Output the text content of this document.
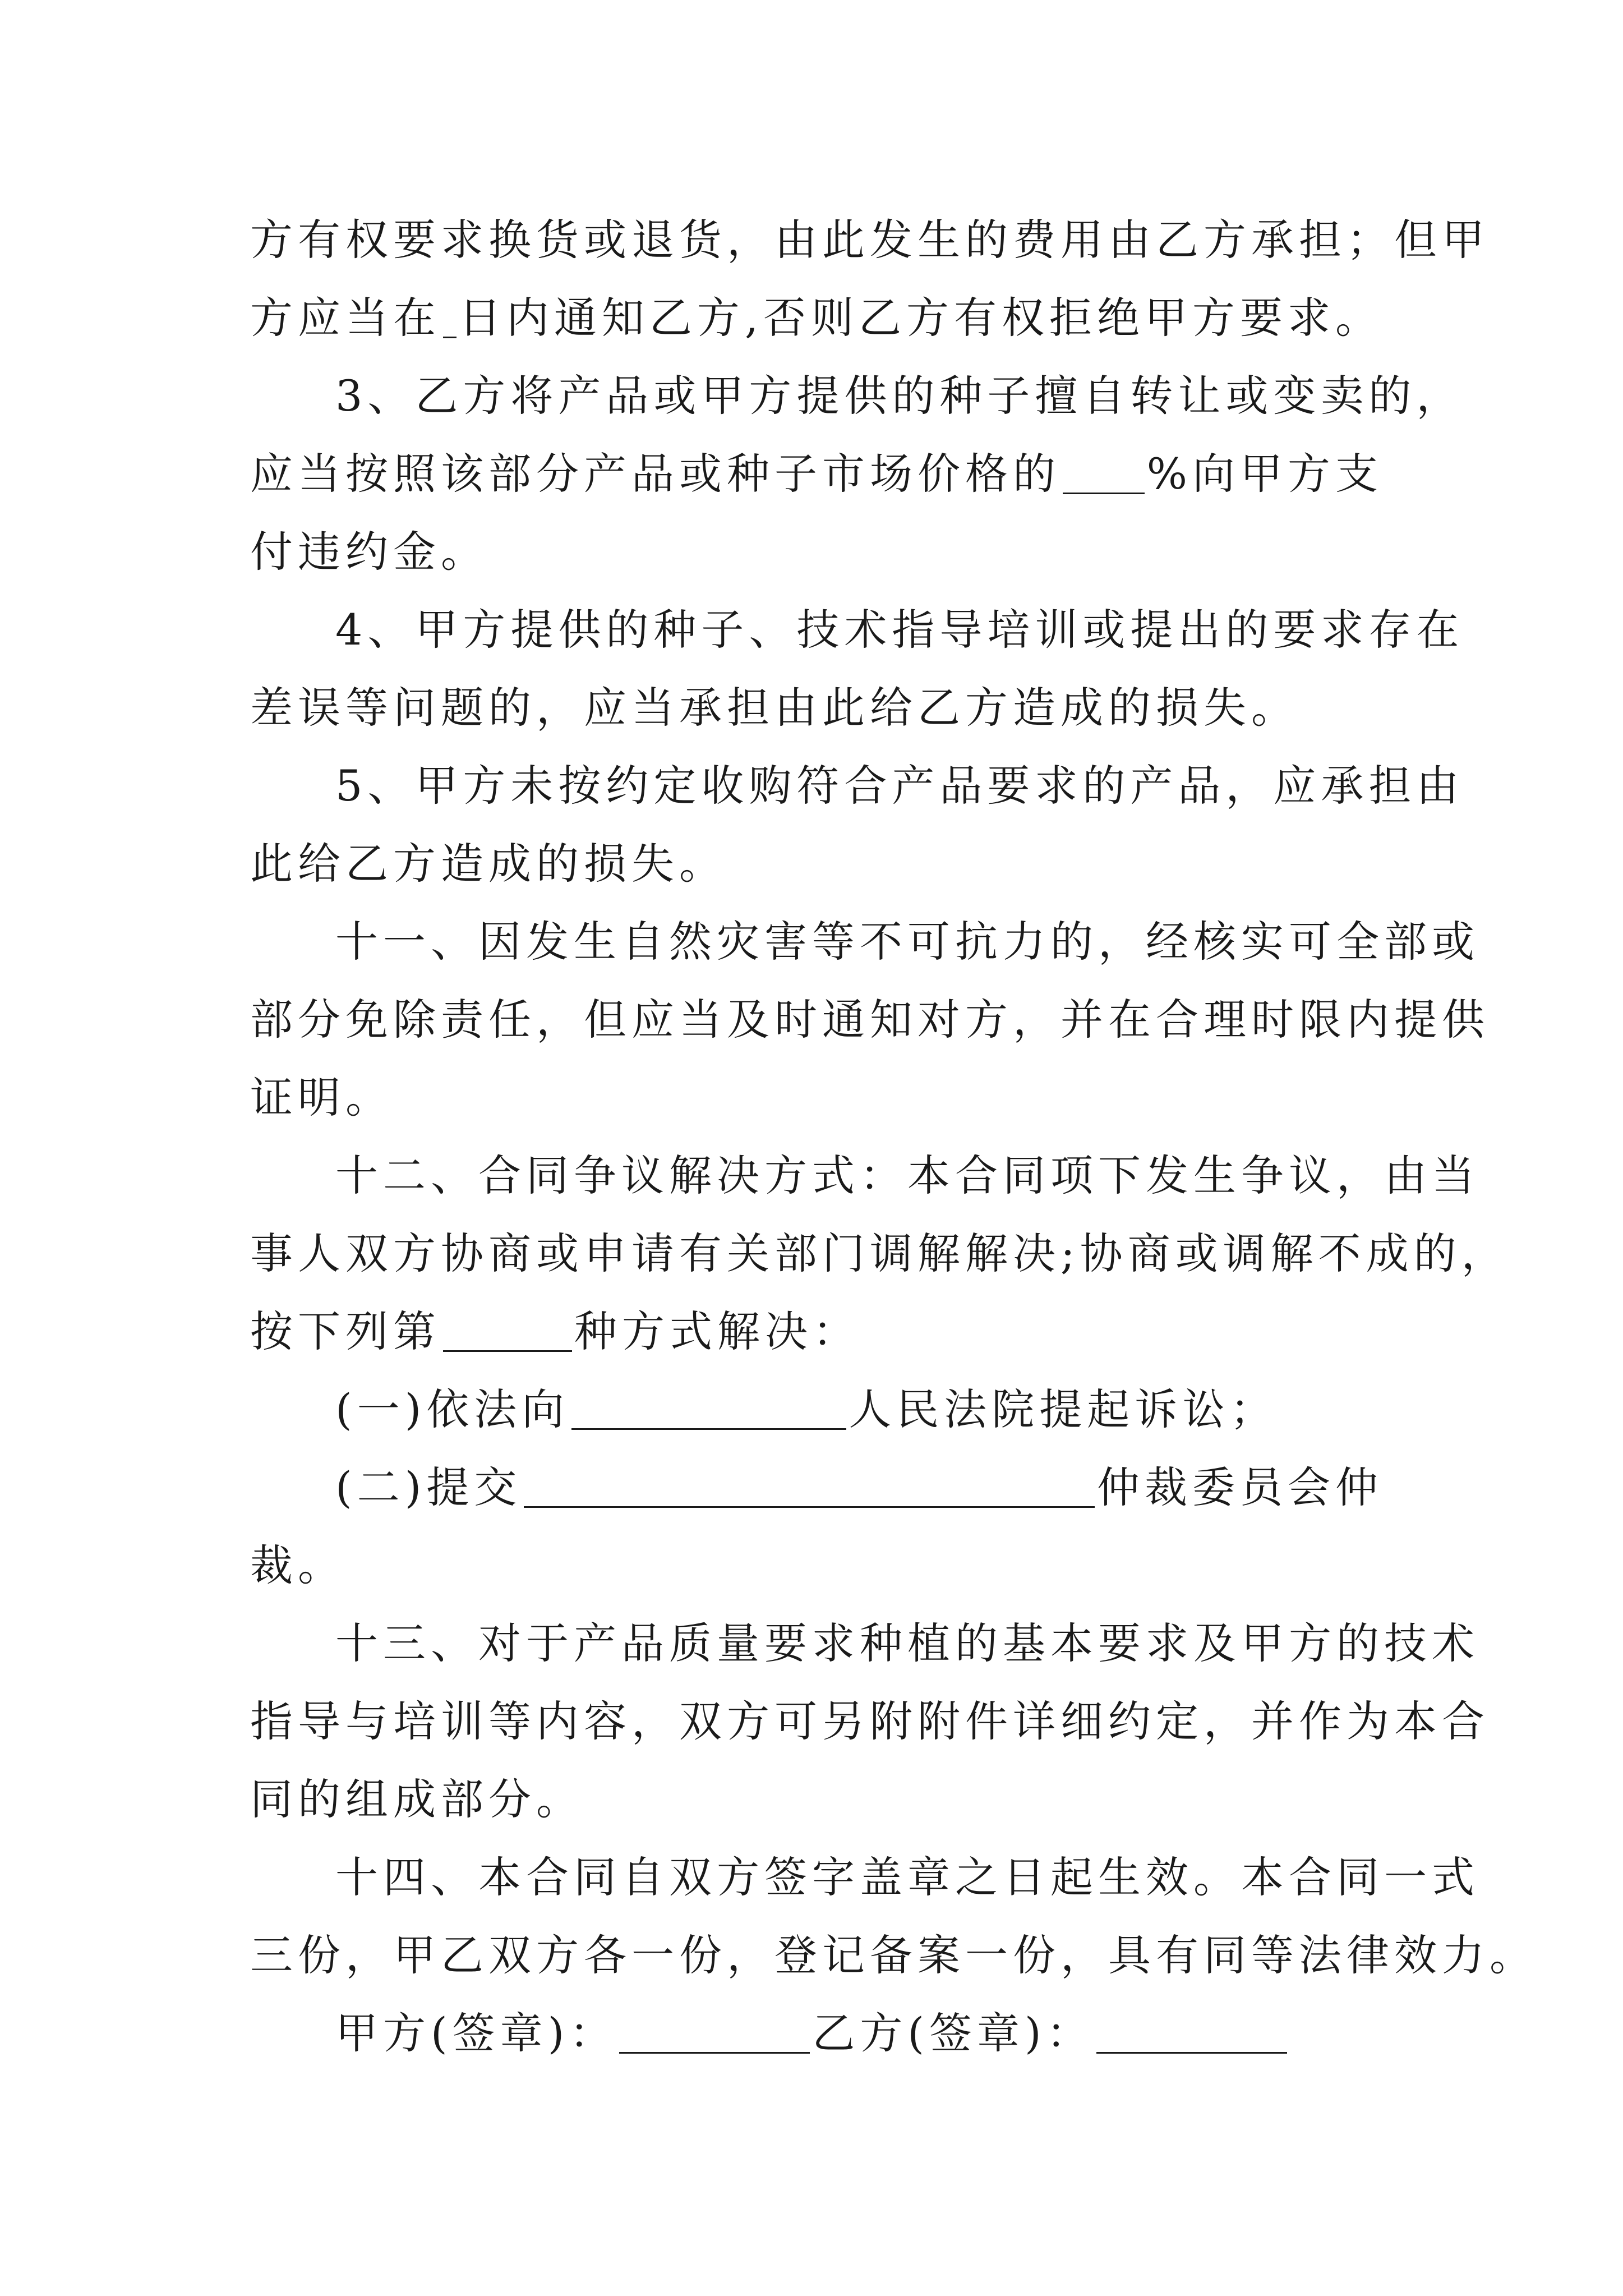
方有权要求换货或退货，由此发生的费用由乙方承担；但甲
方应当在 日内通知乙方,否则乙方有权拒绝甲方要求。
3、乙方将产品或甲方提供的种子擅自转让或变卖的，
应当按照该部分产品或种子市场价格的 %向甲方支
付违约金。
4、甲方提供的种子、技术指导培训或提出的要求存在
差误等问题的，应当承担由此给乙方造成的损失。
5、甲方未按约定收购符合产品要求的产品，应承担由
此给乙方造成的损失。
十一、因发生自然灾害等不可抗力的，经核实可全部或
部分免除责任，但应当及时通知对方，并在合理时限内提供
证明。
十二、合同争议解决方式：本合同项下发生争议，由当
事人双方协商或申请有关部门调解解决;协商或调解不成的，
按下列第	种方式解决：
(一)依法向	人民法院提起诉讼；
(二)提交	仲裁委员会仲
裁。
十三、对于产品质量要求种植的基本要求及甲方的技术
指导与培训等内容，双方可另附附件详细约定，并作为本合
同的组成部分。
十四、本合同自双方签字盖章之日起生效。本合同一式
三份，甲乙双方各一份，登记备案一份，具有同等法律效力。
甲方(签章)：	乙方(签章)：
